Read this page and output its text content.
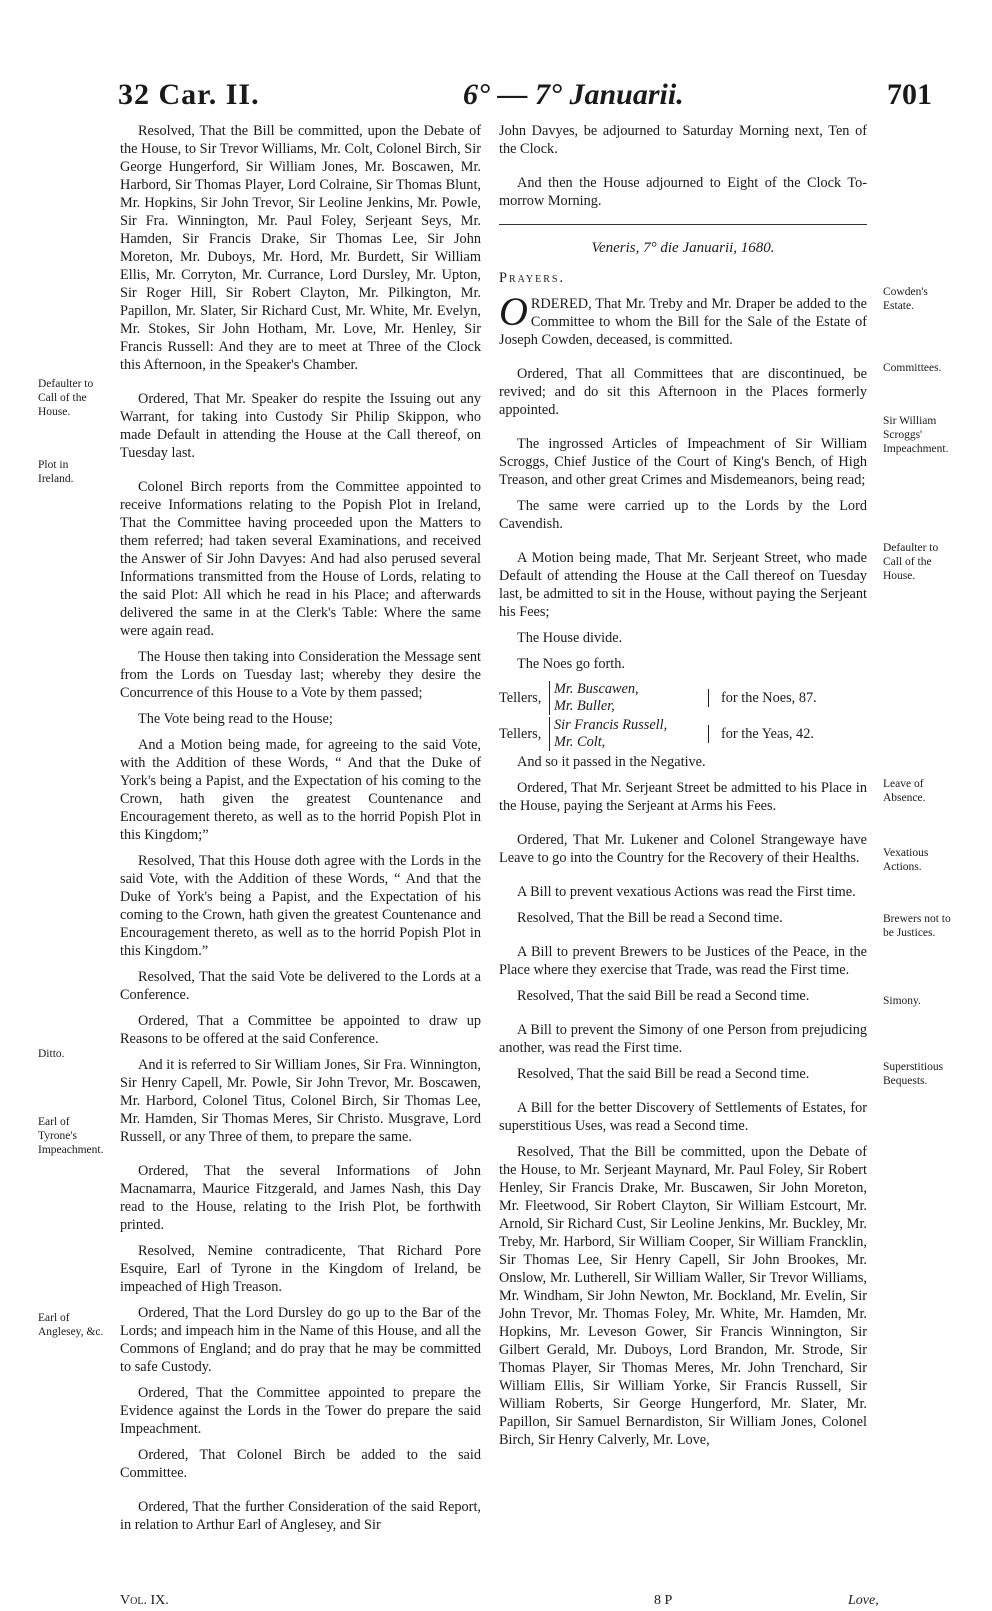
32 Car. II.	6° — 7° Januarii.	701

Resolved, That the Bill be committed, upon the Debate of the House, to Sir Trevor Williams, Mr. Colt, Colonel Birch, Sir George Hungerford, Sir William Jones, Mr. Boscawen, Mr. Harbord, Sir Thomas Player, Lord Colraine, Sir Thomas Blunt, Mr. Hopkins, Sir John Trevor, Sir Leoline Jenkins, Mr. Powle, Sir Fra. Winnington, Mr. Paul Foley, Serjeant Seys, Mr. Hamden, Sir Francis Drake, Sir Thomas Lee, Sir John Moreton, Mr. Duboys, Mr. Hord, Mr. Burdett, Sir William Ellis, Mr. Corryton, Mr. Currance, Lord Dursley, Mr. Upton, Sir Roger Hill, Sir Robert Clayton, Mr. Pilkington, Mr. Papillon, Mr. Slater, Sir Richard Cust, Mr. White, Mr. Evelyn, Mr. Stokes, Sir John Hotham, Mr. Love, Mr. Henley, Sir Francis Russell: And they are to meet at Three of the Clock this Afternoon, in the Speaker's Chamber.

Ordered, That Mr. Speaker do respite the Issuing out any Warrant, for taking into Custody Sir Philip Skippon, who made Default in attending the House at the Call thereof, on Tuesday last.

Colonel Birch reports from the Committee appointed to receive Informations relating to the Popish Plot in Ireland, That the Committee having proceeded upon the Matters to them referred; had taken several Examinations, and received the Answer of Sir John Davyes: And had also perused several Informations transmitted from the House of Lords, relating to the said Plot: All which he read in his Place; and afterwards delivered the same in at the Clerk's Table: Where the same were again read.

The House then taking into Consideration the Message sent from the Lords on Tuesday last; whereby they desire the Concurrence of this House to a Vote by them passed;

The Vote being read to the House;

And a Motion being made, for agreeing to the said Vote, with the Addition of these Words, “ And that the Duke of York's being a Papist, and the Expectation of his coming to the Crown, hath given the greatest Countenance and Encouragement thereto, as well as to the horrid Popish Plot in this Kingdom;”

Resolved, That this House doth agree with the Lords in the said Vote, with the Addition of these Words, “ And that the Duke of York's being a Papist, and the Expectation of his coming to the Crown, hath given the greatest Countenance and Encouragement thereto, as well as to the horrid Popish Plot in this Kingdom.”

Resolved, That the said Vote be delivered to the Lords at a Conference.

Ordered, That a Committee be appointed to draw up Reasons to be offered at the said Conference.

And it is referred to Sir William Jones, Sir Fra. Winnington, Sir Henry Capell, Mr. Powle, Sir John Trevor, Mr. Boscawen, Mr. Harbord, Colonel Titus, Colonel Birch, Sir Thomas Lee, Mr. Hamden, Sir Thomas Meres, Sir Christo. Musgrave, Lord Russell, or any Three of them, to prepare the same.

Ordered, That the several Informations of John Macnamarra, Maurice Fitzgerald, and James Nash, this Day read to the House, relating to the Irish Plot, be forthwith printed.

Resolved, Nemine contradicente, That Richard Pore Esquire, Earl of Tyrone in the Kingdom of Ireland, be impeached of High Treason.

Ordered, That the Lord Dursley do go up to the Bar of the Lords; and impeach him in the Name of this House, and all the Commons of England; and do pray that he may be committed to safe Custody.

Ordered, That the Committee appointed to prepare the Evidence against the Lords in the Tower do prepare the said Impeachment.

Ordered, That Colonel Birch be added to the said Committee.

Ordered, That the further Consideration of the said Report, in relation to Arthur Earl of Anglesey, and Sir

Defaulter to Call of the House.
Plot in Ireland.
Ditto.
Earl of Tyrone's Impeachment.
Earl of Anglesey, &c.

John Davyes, be adjourned to Saturday Morning next, Ten of the Clock.

And then the House adjourned to Eight of the Clock To-morrow Morning.

Veneris, 7° die Januarii, 1680.

Prayers.

ORDERED, That Mr. Treby and Mr. Draper be added to the Committee to whom the Bill for the Sale of the Estate of Joseph Cowden, deceased, is committed.

Ordered, That all Committees that are discontinued, be revived; and do sit this Afternoon in the Places formerly appointed.

The ingrossed Articles of Impeachment of Sir William Scroggs, Chief Justice of the Court of King's Bench, of High Treason, and other great Crimes and Misdemeanors, being read;

The same were carried up to the Lords by the Lord Cavendish.

A Motion being made, That Mr. Serjeant Street, who made Default of attending the House at the Call thereof on Tuesday last, be admitted to sit in the House, without paying the Serjeant his Fees;

The House divide.

The Noes go forth.

Tellers,
Mr. Buscawen,
Mr. Buller,	for the Noes, 87.
Tellers,
Sir Francis Russell,
Mr. Colt,	for the Yeas, 42.

And so it passed in the Negative.

Ordered, That Mr. Serjeant Street be admitted to his Place in the House, paying the Serjeant at Arms his Fees.

Ordered, That Mr. Lukener and Colonel Strangewaye have Leave to go into the Country for the Recovery of their Healths.

A Bill to prevent vexatious Actions was read the First time.

Resolved, That the Bill be read a Second time.

A Bill to prevent Brewers to be Justices of the Peace, in the Place where they exercise that Trade, was read the First time.

Resolved, That the said Bill be read a Second time.

A Bill to prevent the Simony of one Person from prejudicing another, was read the First time.

Resolved, That the said Bill be read a Second time.

A Bill for the better Discovery of Settlements of Estates, for superstitious Uses, was read a Second time.

Resolved, That the Bill be committed, upon the Debate of the House, to Mr. Serjeant Maynard, Mr. Paul Foley, Sir Robert Henley, Sir Francis Drake, Mr. Buscawen, Sir John Moreton, Mr. Fleetwood, Sir Robert Clayton, Sir William Estcourt, Mr. Arnold, Sir Richard Cust, Sir Leoline Jenkins, Mr. Buckley, Mr. Treby, Mr. Harbord, Sir William Cooper, Sir William Francklin, Sir Thomas Lee, Sir Henry Capell, Sir John Brookes, Mr. Onslow, Mr. Lutherell, Sir William Waller, Sir Trevor Williams, Mr. Windham, Sir John Newton, Mr. Bockland, Mr. Evelin, Sir John Trevor, Mr. Thomas Foley, Mr. White, Mr. Hamden, Mr. Hopkins, Mr. Leveson Gower, Sir Francis Winnington, Sir Gilbert Gerald, Mr. Duboys, Lord Brandon, Mr. Strode, Sir Thomas Player, Sir Thomas Meres, Mr. John Trenchard, Sir William Ellis, Sir William Yorke, Sir Francis Russell, Sir William Roberts, Sir George Hungerford, Mr. Slater, Mr. Papillon, Sir Samuel Bernardiston, Sir William Jones, Colonel Birch, Sir Henry Calverly, Mr. Love,

Cowden's Estate.
Committees.
Sir William Scroggs' Impeachment.
Defaulter to Call of the House.
Leave of Absence.
Vexatious Actions.
Brewers not to be Justices.
Simony.
Superstitious Bequests.
Vol. IX.	8 P	Love,
